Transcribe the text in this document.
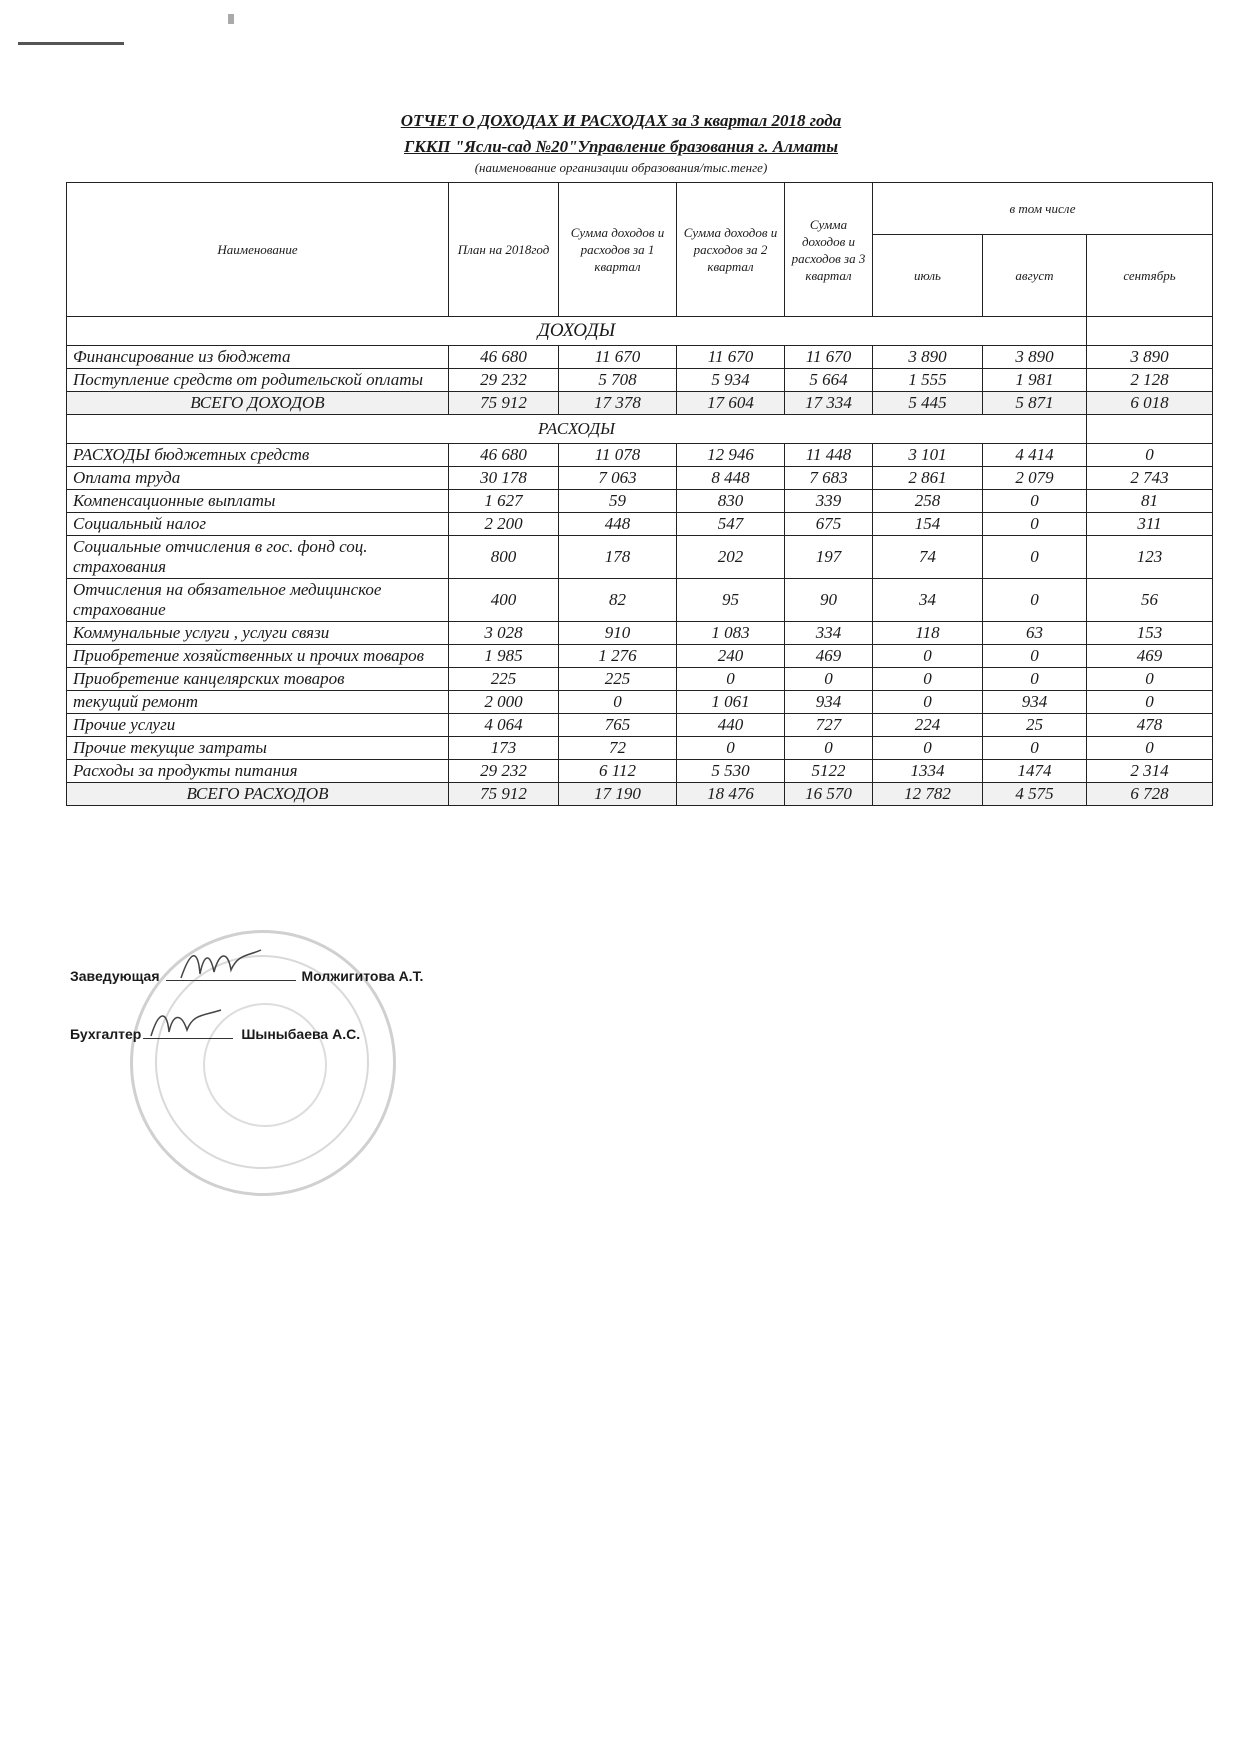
ОТЧЕТ О ДОХОДАХ И РАСХОДАХ за 3 квартал 2018 года
ГККП "Ясли-сад №20"Управление бразования г. Алматы
(наименование организации образования/тыс.тенге)
Наименование	План на 2018год	Сумма доходов и расходов за 1 квартал	Сумма доходов и расходов за 2 квартал	Сумма доходов и расходов за 3 квартал	в том числе		
					июль	август	сентябрь
ДОХОДЫ							
Финансирование из бюджета	46 680	11 670	11 670	11 670	3 890	3 890	3 890
Поступление средств от родительской оплаты	29 232	5 708	5 934	5 664	1 555	1 981	2 128
ВСЕГО ДОХОДОВ	75 912	17 378	17 604	17 334	5 445	5 871	6 018
РАСХОДЫ							
РАСХОДЫ бюджетных средств	46 680	11 078	12 946	11 448	3 101	4 414	0
Оплата труда	30 178	7 063	8 448	7 683	2 861	2 079	2 743
Компенсационные выплаты	1 627	59	830	339	258	0	81
Социальный налог	2 200	448	547	675	154	0	311
Социальные отчисления в гос. фонд соц. страхования	800	178	202	197	74	0	123
Отчисления на обязательное медицинское страхование	400	82	95	90	34	0	56
Коммунальные услуги , услуги связи	3 028	910	1 083	334	118	63	153
Приобретение хозяйственных и прочих товаров	1 985	1 276	240	469	0	0	469
Приобретение канцелярских товаров	225	225	0	0	0	0	0
текущий ремонт	2 000	0	1 061	934	0	934	0
Прочие услуги	4 064	765	440	727	224	25	478
Прочие текущие затраты	173	72	0	0	0	0	0
Расходы за продукты питания	29 232	6 112	5 530	5122	1334	1474	2 314
ВСЕГО РАСХОДОВ	75 912	17 190	18 476	16 570	12 782	4 575	6 728
Заведующая	Молжигитова А.Т.
Бухгалтер	Шыныбаева А.С.
